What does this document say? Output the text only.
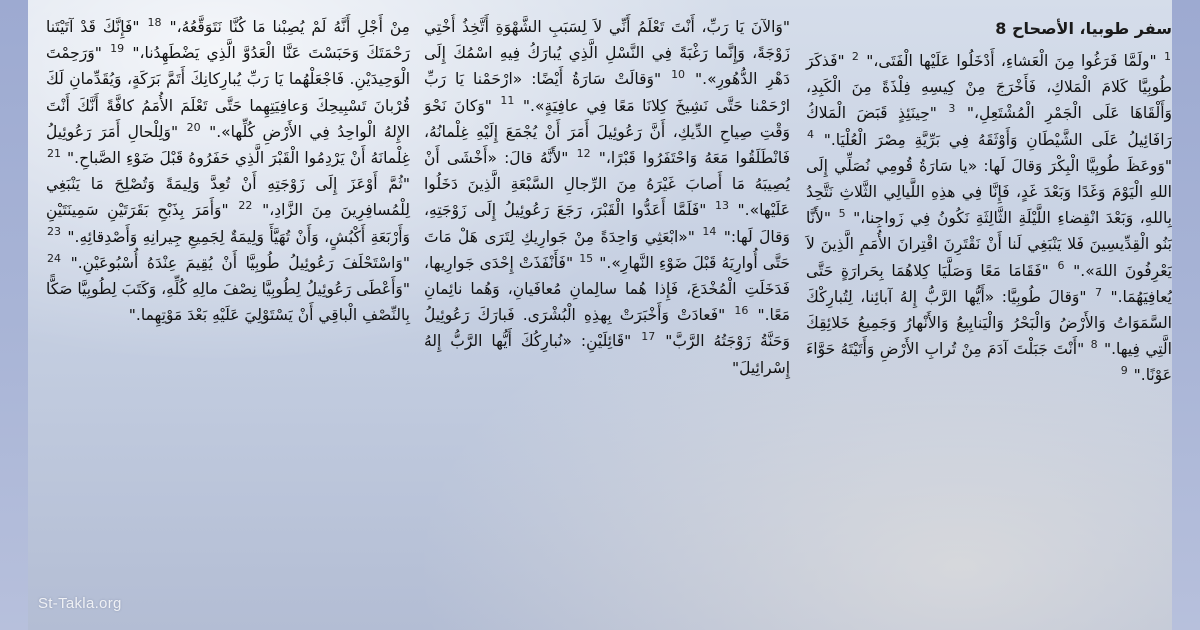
سفر طوبيا، الأصحاح 8
$^1$ "ولَمَّا فَرَغُوا مِنَ الْعَشاءِ، أَدْخَلُوا عَلَيْها الْفَتَى،" $^2$ "فَذكَرَ طُوبِيَّا كَلامَ الْمَلاكِ، فَأَخْرَجَ مِنْ كِيسِهِ فِلْذَةً مِنَ الْكَبِدِ، وَأَلْقَاهَا عَلَى الْجَمْرِ الْمُشْتَعِلِ،" $^3$ "حِينَئِذٍ قَبَضَ الْمَلاكُ رَافَائِيلُ عَلَى الشَّيْطَانِ وَأَوْثَقَهُ فِي بَرِّيَّةِ مِصْرَ الْعُلْيَا." $^4$ "وَوعَظَ طُوبِيَّا الْبِكْرَ وَقالَ لَها: «يا سَارَةُ قُومِي نُصَلِّي إِلَى اللهِ الْيَوْمَ وَغَدًا وَبَعْدَ غَدٍ، فَإِنَّا فِي هذِهِ اللَّيالِي الثَّلاثِ نَتَّحِدُ بِاللهِ، وَبَعْدَ انْقِضاءِ اللَّيْلَةِ الثَّالِثَةِ نَكُونُ فِي زَواجِنا،" $^5$ "لأَنَّا بَنُو الْقِدِّيسِينَ فَلا يَنْبَغِي لَنا أَنْ نَقْتَرِنَ اقْتِرانَ الأُمَمِ الَّذِينَ لاَ يَعْرِفُونَ اللهَ»." $^6$ "فَقَامَا مَعًا وَصَلَّيَا كِلاهُمَا بِحَرارَةٍ حَتَّى يُعافِيَهُمَا." $^7$ "وَقالَ طُوبِيَّا: «أَيُّها الرَّبُّ إِلهُ آبائِنا، لِتُبارِكْكَ السَّمَوَاتُ وَالأَرْضُ وَالْبَحْرُ وَالْيَنابِيعُ وَالأَنْهارُ وَجَمِيعُ خَلائِقِكَ الَّتِي فِيها." $^8$ "أَنْتَ جَبَلْتَ آدَمَ مِنْ تُرابِ الأَرْضِ وَأَتَيْتَهُ حَوَّاءَ عَوْنًا." $^9$
"وَالآنَ يَا رَبِّ، أَنْتَ تَعْلَمُ أَنِّي لاَ لِسَبَبِ الشَّهْوَةِ أَتَّخِذُ أُخْتِي زَوْجَةً، وَإِنَّما رَغْبَةً فِي النَّسْلِ الَّذِي يُبارَكُ فِيهِ اسْمُكَ إِلَى دَهْرِ الدُّهُورِ»." $^{10}$ "وَقالَتْ سَارَةُ أَيْضًا: «ارْحَمْنا يَا رَبِّ ارْحَمْنا حَتَّى نَشِيخَ كِلانَا مَعًا فِي عافِيَةٍ»." $^{11}$ "وَكانَ نَحْوَ وَقْتِ صِياحِ الدِّيكِ، أَنَّ رَعُوئِيلَ أَمَرَ أَنْ يُجْمَعَ إِلَيْهِ غِلْمانُهُ، فَانْطَلَقُوا مَعَهُ وَاحْتَفَرُوا قَبْرًا،" $^{12}$ "لأَنَّهُ قالَ: «أَخْشَى أَنْ يُصِيبَهُ مَا أَصابَ غَيْرَهُ مِنَ الرِّجالِ السَّبْعَةِ الَّذِينَ دَخَلُوا عَلَيْها»." $^{13}$ "فَلَمَّا أَعَدُّوا الْقَبْرَ، رَجَعَ رَعُوئِيلُ إِلَى زَوْجَتِهِ، وَقالَ لَها:" $^{14}$ "«ابْعَثِي وَاحِدَةً مِنْ جَوارِيكِ لِتَرَى هَلْ مَاتَ حَتَّى أُوارِيَهُ قَبْلَ ضَوْءِ النَّهارِ»." $^{15}$ "فَأَنْفَذَتْ إِحْدَى جَوارِيها، فَدَخَلَتِ الْمُخْدَعَ، فَإِذا هُما سالِمانِ مُعافَيانِ، وَهُما نائِمانِ مَعًا." $^{16}$ "فَعادَتْ وَأَخْبَرَتْ بِهذِهِ الْبُشْرَى. فَبارَكَ رَعُوئِيلُ وَحَنَّةُ زَوْجَتُهُ الرَّبَّ" $^{17}$ "قَائِلَيْنِ: «نُبارِكُكَ أَيُّها الرَّبُّ إِلهُ إِسْرائِيلَ"
مِنْ أَجْلِ أَنَّهُ لَمْ يُصِبْنا مَا كُنَّا نَتَوَقَّعُهُ،" $^{18}$ "فَإِنَّكَ قَدْ آتَيْتَنا رَحْمَتَكَ وَحَبَسْتَ عَنَّا الْعَدُوَّ الَّذِي يَضْطَهِدُنا،" $^{19}$ "وَرَحِمْتَ الْوَحِيدَيْنِ. فَاجْعَلْهُما يَا رَبِّ يُبارِكانِكَ أَتَمَّ بَرَكَةٍ، وَيُقَدِّمانِ لَكَ قُرْبانَ تَسْبِيحِكَ وَعافِيَتِهِما حَتَّى تَعْلَمَ الأُمَمُ كافَّةً أَنَّكَ أَنْتَ الإِلهُ الْواحِدُ فِي الأَرْضِ كُلِّها»." $^{20}$ "وَلِلْحالِ أَمَرَ رَعُوئِيلُ غِلْمانَهُ أَنْ يَرْدِمُوا الْقَبْرَ الَّذِي حَفَرُوهُ قَبْلَ ضَوْءِ الصَّباحِ." $^{21}$ "ثُمَّ أَوْعَزَ إِلَى زَوْجَتِهِ أَنْ تُعِدَّ وَلِيمَةً وَتُصْلِحَ مَا يَنْبَغِي لِلْمُسافِرِينَ مِنَ الزَّادِ،" $^{22}$ "وَأَمَرَ بِذَبْحِ بَقَرَتَيْنِ سَمِينَتَيْنِ وَأَرْبَعَةِ أَكْبُشٍ، وَأَنْ تُهَيَّأَ وَلِيمَةٌ لِجَمِيعِ جِيرانِهِ وَأَصْدِقائِهِ." $^{23}$ "وَاسْتَحْلَفَ رَعُوئِيلُ طُوبِيَّا أَنْ يُقِيمَ عِنْدَهُ أُسْبُوعَيْنِ." $^{24}$ "وَأَعْطَى رَعُوئِيلُ لِطُوبِيَّا نِصْفَ مالِهِ كُلِّهِ، وَكَتَبَ لِطُوبِيَّا صَكًّا بِالنِّصْفِ الْباقِي أَنْ يَسْتَوْلِيَ عَلَيْهِ بَعْدَ مَوْتِهِما."
St-Takla.org
